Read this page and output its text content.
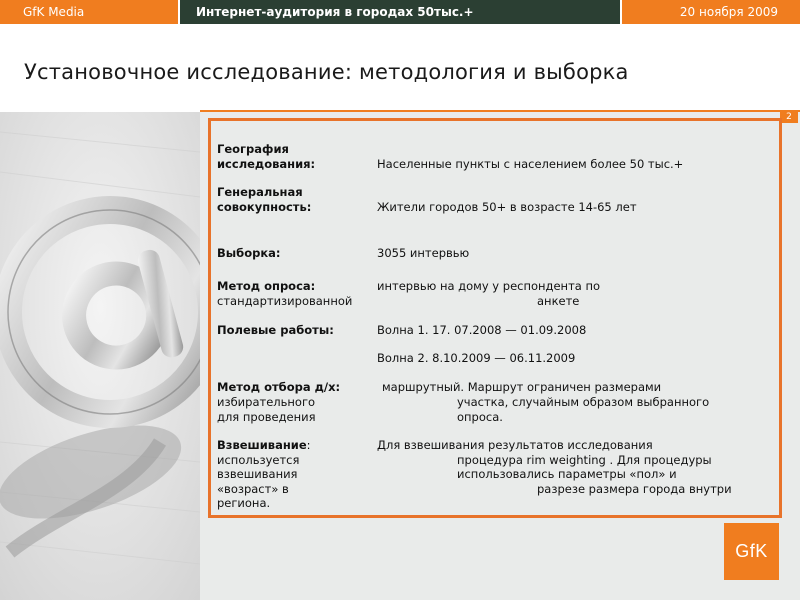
GfK Media	Интернет-аудитория в городах 50тыс.+	20 ноября 2009
Установочное исследование: методология и выборка
2
География
исследования:	Населенные пункты с населением более 50 тыс.+
Генеральная
совокупность:	Жители городов 50+ в возрасте 14-65 лет
Выборка:	3055 интервью
Метод опроса:	интервью на дому у респондента по
стандартизированной	анкете
Полевые работы:	Волна 1. 17. 07.2008 — 01.09.2008
Волна 2. 8.10.2009 — 06.11.2009
Метод отбора д/х:	маршрутный. Маршрут ограничен размерами
избирательного	участка, случайным образом выбранного
для проведения	опроса.
Взвешивание:	Для взвешивания результатов исследования
используется	процедура rim weighting . Для процедуры
взвешивания	использовались параметры «пол» и
«возраст» в	разрезе размера города внутри
региона.
GfK
